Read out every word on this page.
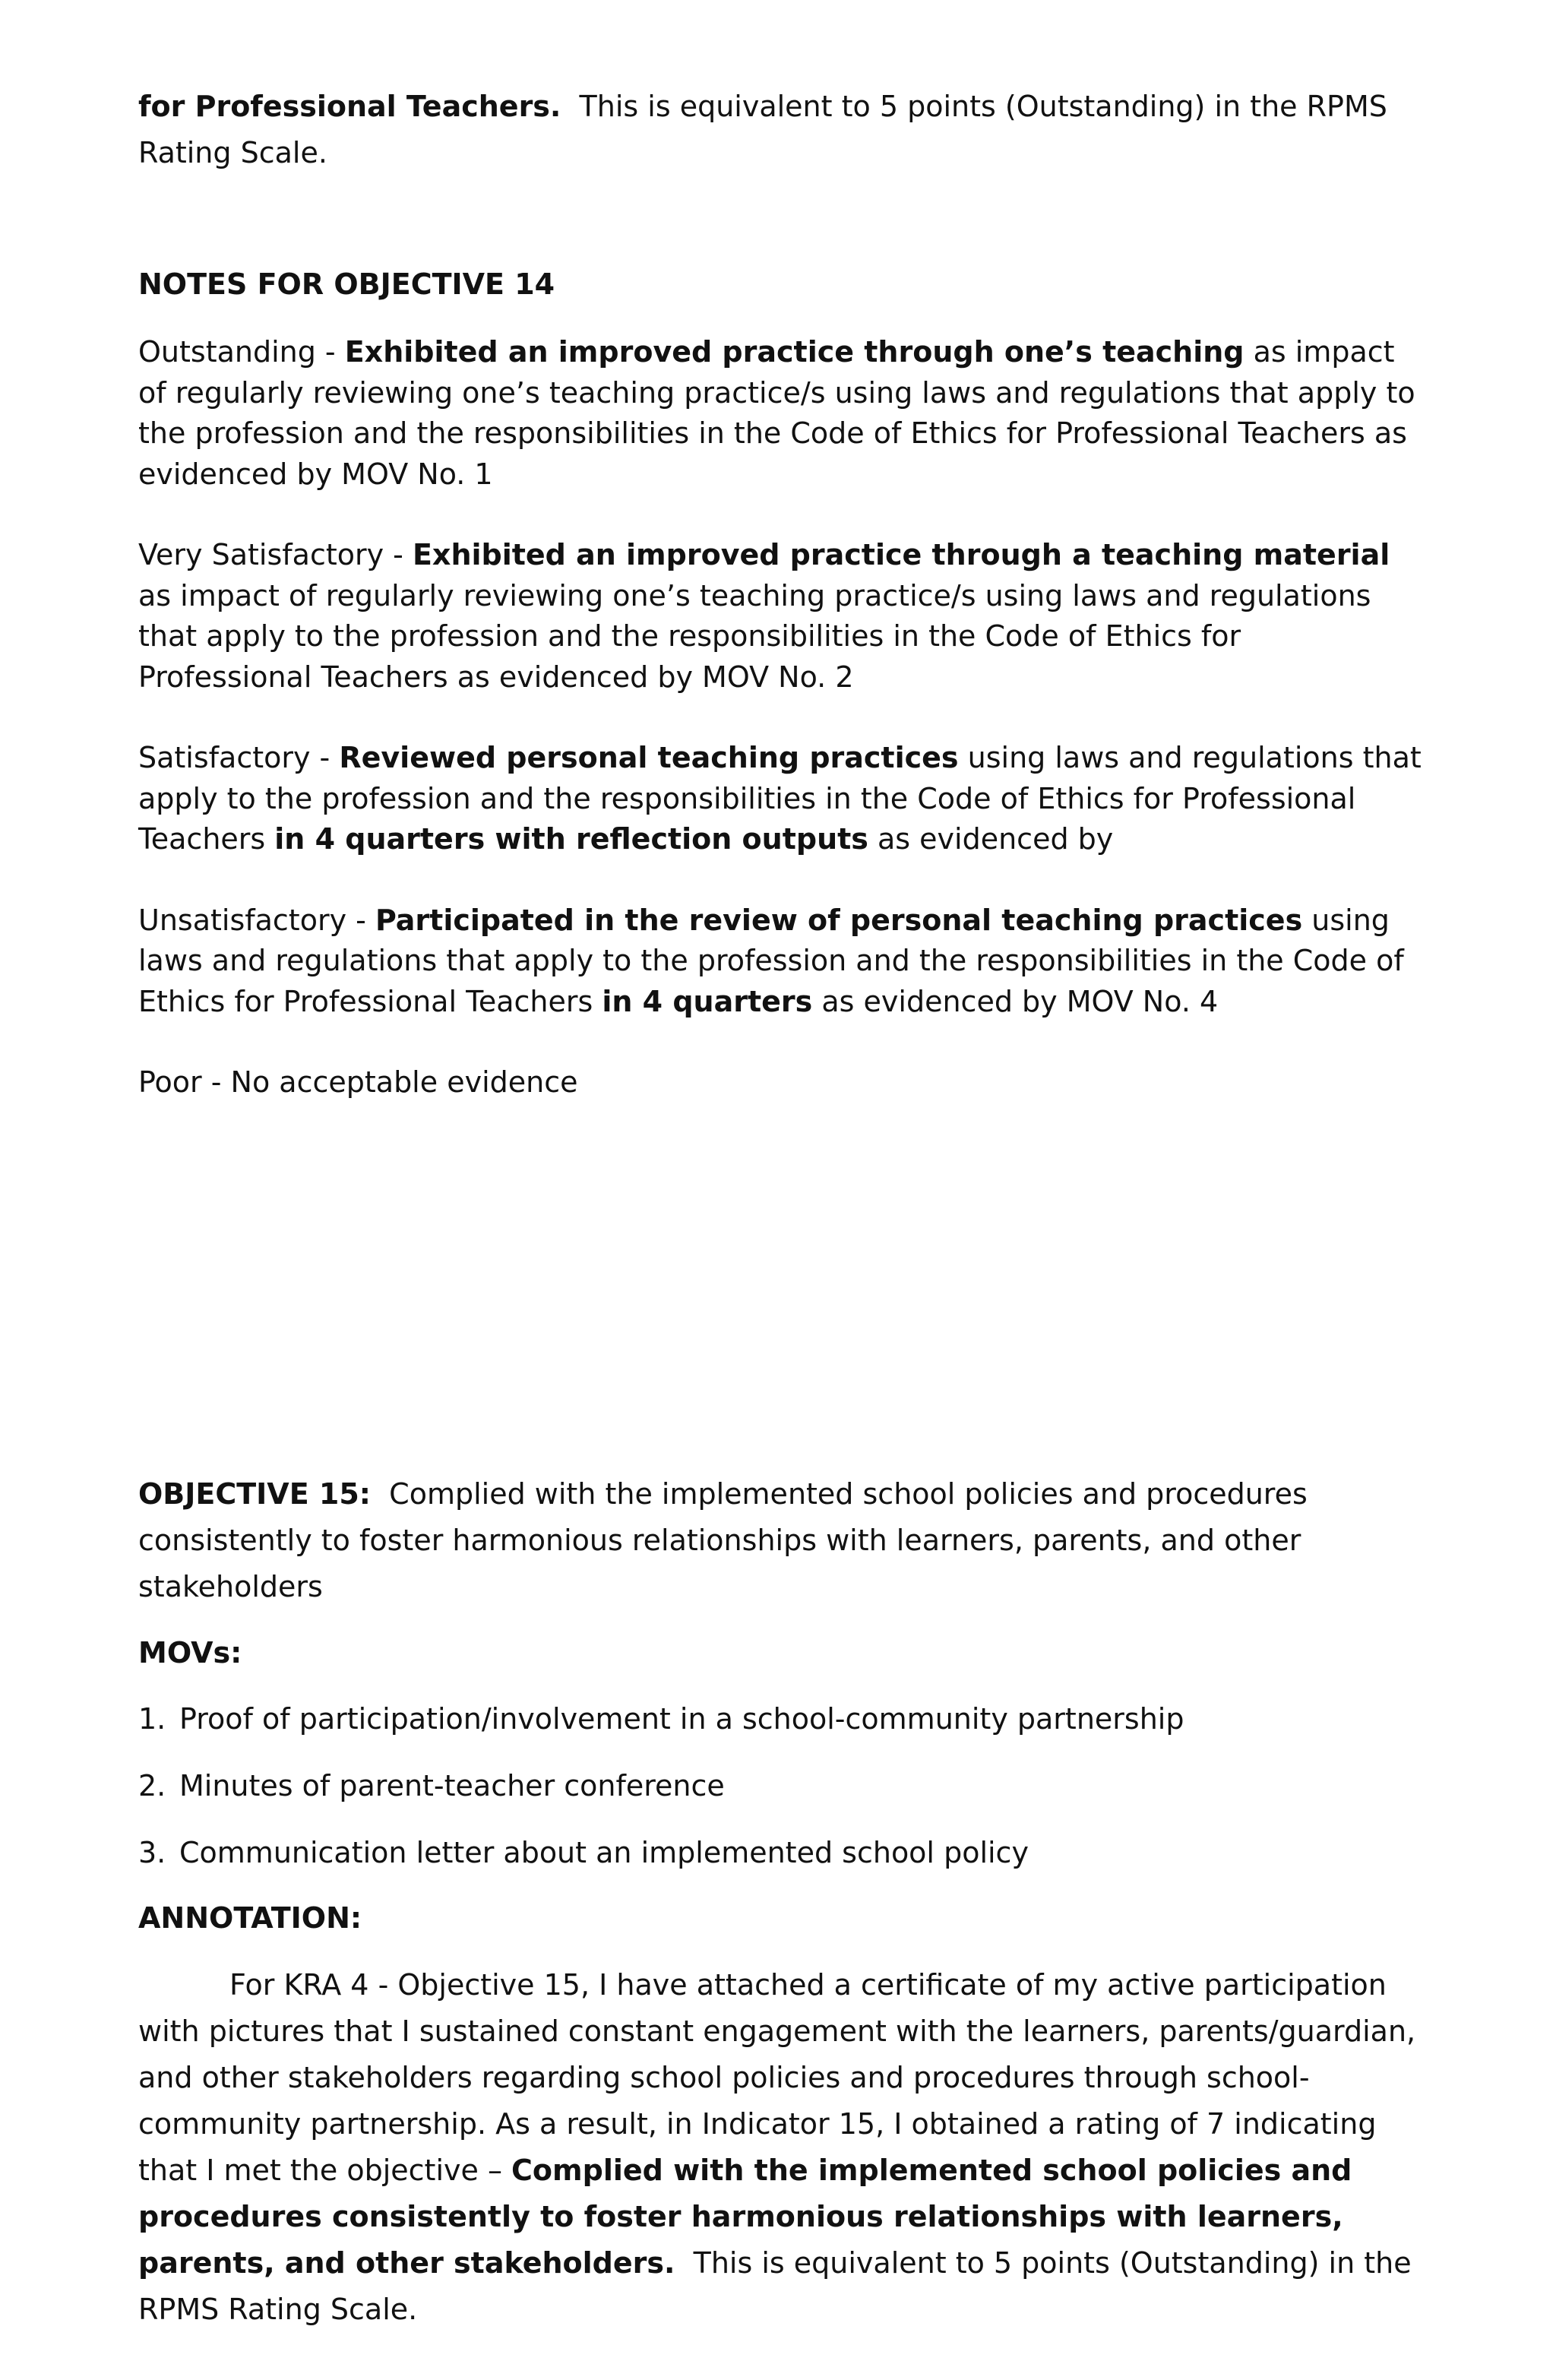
for Professional Teachers.  This is equivalent to 5 points (Outstanding) in the RPMS Rating Scale.

NOTES FOR OBJECTIVE 14

Outstanding - Exhibited an improved practice through one’s teaching as impact of regularly reviewing one’s teaching practice/s using laws and regulations that apply to the profession and the responsibilities in the Code of Ethics for Professional Teachers as evidenced by MOV No. 1

Very Satisfactory - Exhibited an improved practice through a teaching material as impact of regularly reviewing one’s teaching practice/s using laws and regulations that apply to the profession and the responsibilities in the Code of Ethics for Professional Teachers as evidenced by MOV No. 2

Satisfactory - Reviewed personal teaching practices using laws and regulations that apply to the profession and the responsibilities in the Code of Ethics for Professional Teachers in 4 quarters with reflection outputs as evidenced by

Unsatisfactory - Participated in the review of personal teaching practices using laws and regulations that apply to the profession and the responsibilities in the Code of Ethics for Professional Teachers in 4 quarters as evidenced by MOV No. 4

Poor - No acceptable evidence

OBJECTIVE 15:  Complied with the implemented school policies and procedures consistently to foster harmonious relationships with learners, parents, and other stakeholders

MOVs:

1. Proof of participation/involvement in a school-community partnership
2. Minutes of parent-teacher conference
3. Communication letter about an implemented school policy

ANNOTATION:

For KRA 4 - Objective 15, I have attached a certificate of my active participation with pictures that I sustained constant engagement with the learners, parents/guardian, and other stakeholders regarding school policies and procedures through school-community partnership. As a result, in Indicator 15, I obtained a rating of 7 indicating that I met the objective – Complied with the implemented school policies and procedures consistently to foster harmonious relationships with learners, parents, and other stakeholders.  This is equivalent to 5 points (Outstanding) in the RPMS Rating Scale.
